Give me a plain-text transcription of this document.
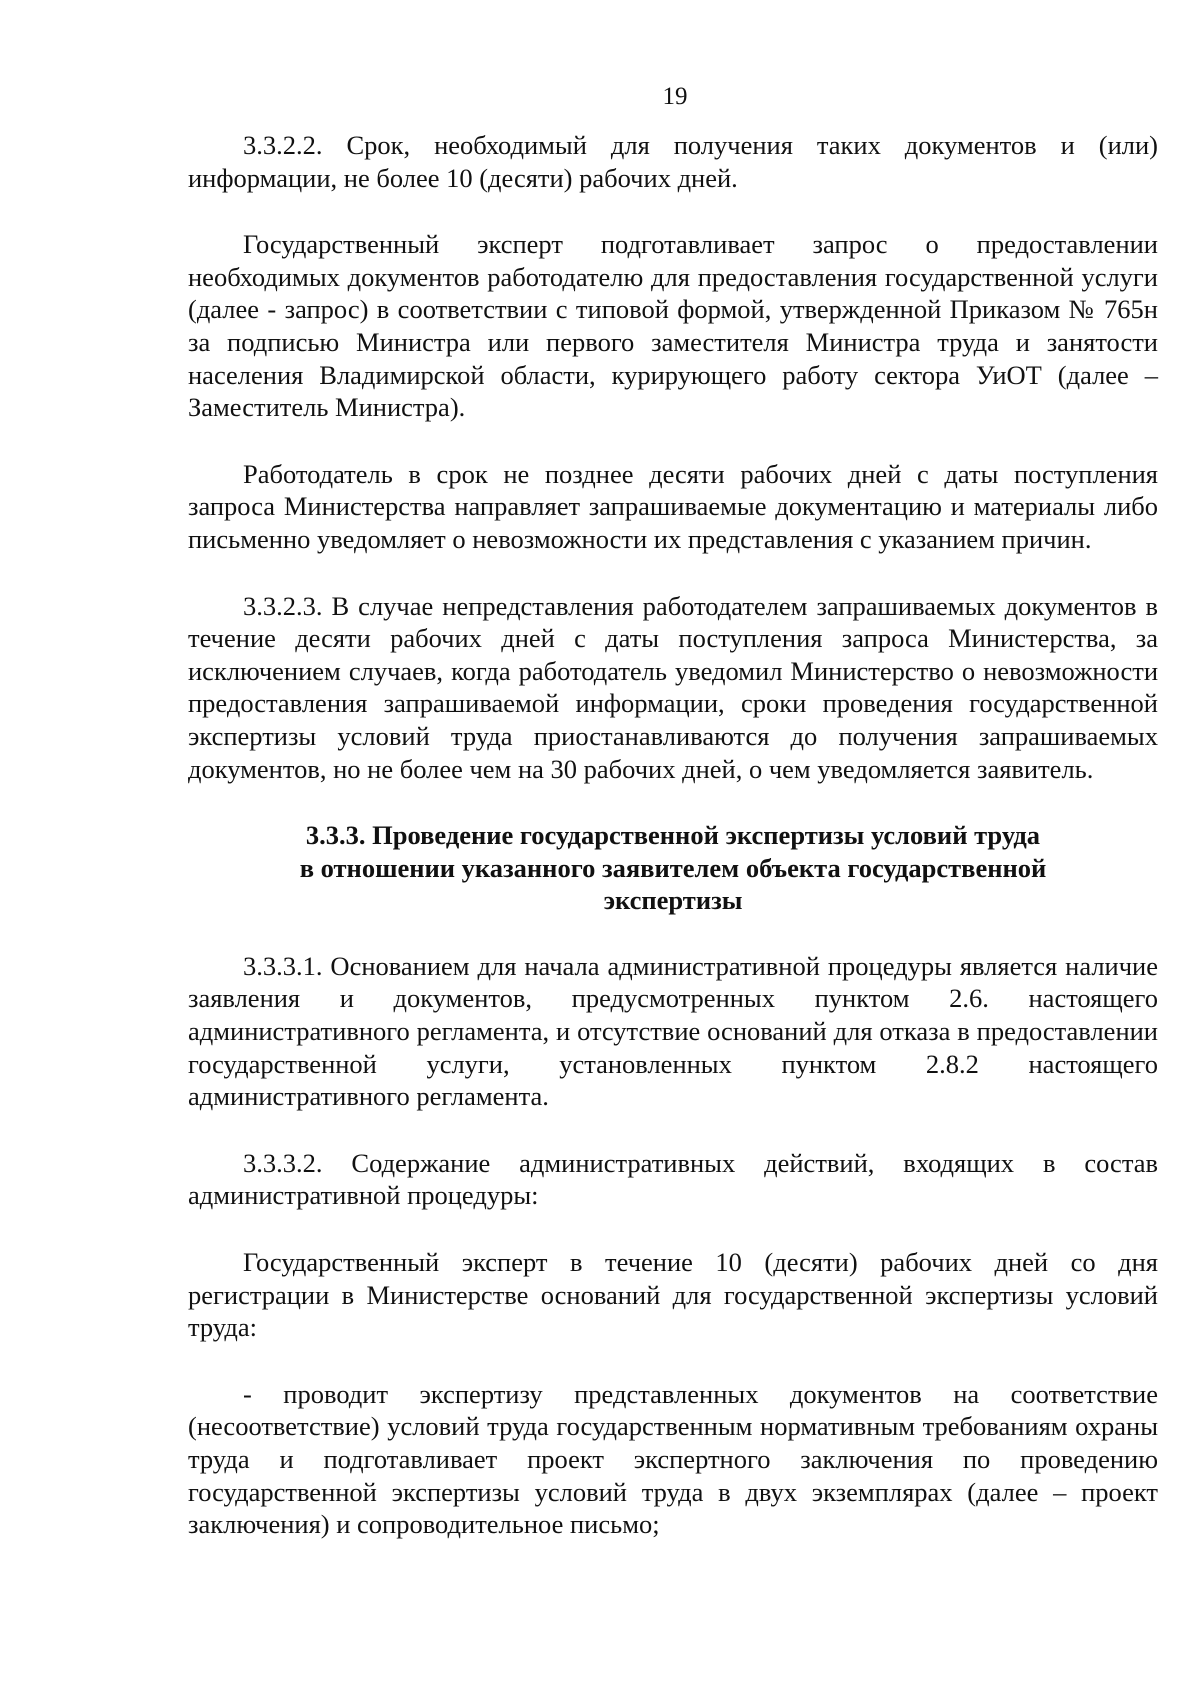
19

3.3.2.2. Срок, необходимый для получения таких документов и (или) информации, не более 10 (десяти) рабочих дней.

Государственный эксперт подготавливает запрос о предоставлении необходимых документов работодателю для предоставления государственной услуги (далее - запрос) в соответствии с типовой формой, утвержденной Приказом № 765н за подписью Министра или первого заместителя Министра труда и занятости населения Владимирской области, курирующего работу сектора УиОТ (далее – Заместитель Министра).

Работодатель в срок не позднее десяти рабочих дней с даты поступления запроса Министерства направляет запрашиваемые документацию и материалы либо письменно уведомляет о невозможности их представления с указанием причин.

3.3.2.3. В случае непредставления работодателем запрашиваемых документов в течение десяти рабочих дней с даты поступления запроса Министерства, за исключением случаев, когда работодатель уведомил Министерство о невозможности предоставления запрашиваемой информации, сроки проведения государственной экспертизы условий труда приостанавливаются до получения запрашиваемых документов, но не более чем на 30 рабочих дней, о чем уведомляется заявитель.

3.3.3. Проведение государственной экспертизы условий труда
в отношении указанного заявителем объекта государственной
экспертизы

3.3.3.1. Основанием для начала административной процедуры является наличие заявления и документов, предусмотренных пунктом 2.6. настоящего административного регламента, и отсутствие оснований для отказа в предоставлении государственной услуги, установленных пунктом 2.8.2 настоящего административного регламента.

3.3.3.2. Содержание административных действий, входящих в состав административной процедуры:

Государственный эксперт в течение 10 (десяти) рабочих дней со дня регистрации в Министерстве оснований для государственной экспертизы условий труда:

- проводит экспертизу представленных документов на соответствие (несоответствие) условий труда государственным нормативным требованиям охраны труда и подготавливает проект экспертного заключения по проведению государственной экспертизы условий труда в двух экземплярах (далее – проект заключения) и сопроводительное письмо;
